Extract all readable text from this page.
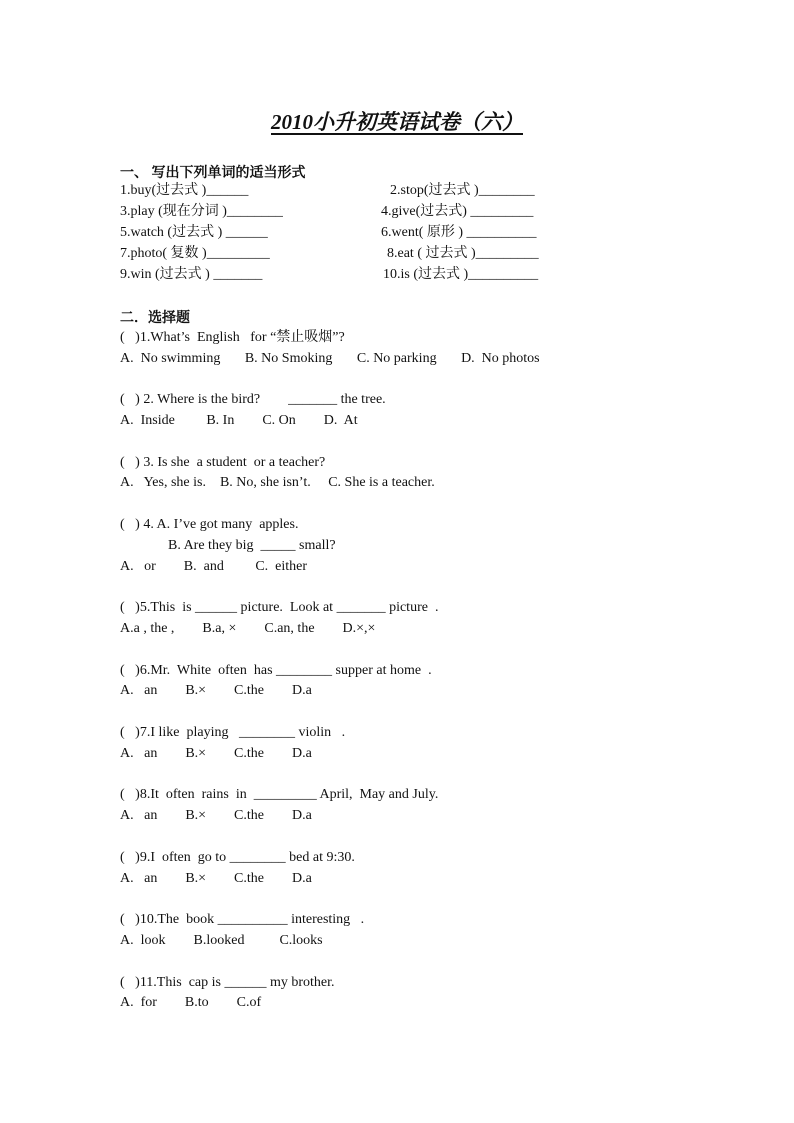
2010小升初英语试卷（六）
一、 写出下列单词的适当形式
1.buy(过去式 )______	2.stop(过去式 )________
3.play (现在分词 )________	4.give(过去式) _________
5.watch (过去式 ) ______	6.went( 原形 ) __________
7.photo( 复数 )_________	8.eat ( 过去式 )_________
9.win (过去式 ) _______	10.is (过去式 )__________
二．选择题
(   )1.What’s  English   for “禁止吸烟”?
A.  No swimming       B. No Smoking       C. No parking       D.  No photos
(   ) 2. Where is the bird?        _______ the tree.
A.  Inside         B. In        C. On        D.  At
(   ) 3. Is she  a student  or a teacher?
A.   Yes, she is.    B. No, she isn’t.     C. She is a teacher.
(   ) 4. A. I’ve got many  apples.
B. Are they big  _____ small?
A.   or        B.  and         C.  either
(   )5.This  is ______ picture.  Look at _______ picture  .
A.a , the ,        B.a, ×        C.an, the        D.×,×
(   )6.Mr.  White  often  has ________ supper at home  .
A.   an        B.×        C.the        D.a
(   )7.I like  playing   ________ violin   .
A.   an        B.×        C.the        D.a
(   )8.It  often  rains  in  _________ April,  May and July.
A.   an        B.×        C.the        D.a
(   )9.I  often  go to ________ bed at 9:30.
A.   an        B.×        C.the        D.a
(   )10.The  book __________ interesting   .
A.  look        B.looked          C.looks
(   )11.This  cap is ______ my brother.
A.  for        B.to        C.of
